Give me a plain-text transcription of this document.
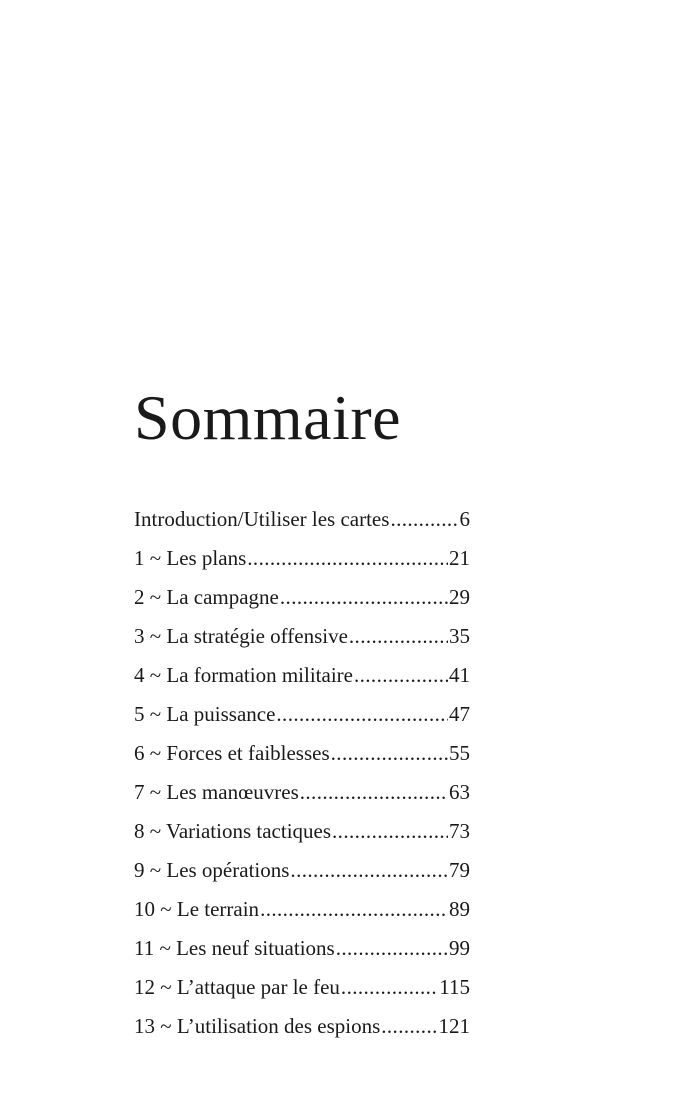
Sommaire
Introduction/Utiliser les cartes .....	6
1 ~ Les plans .....	21
2 ~ La campagne .....	29
3 ~ La stratégie offensive .....	35
4 ~ La formation militaire .....	41
5 ~ La puissance .....	47
6 ~ Forces et faiblesses .....	55
7 ~ Les manœuvres .....	63
8 ~ Variations tactiques .....	73
9 ~ Les opérations .....	79
10 ~ Le terrain .....	89
11 ~ Les neuf situations .....	99
12 ~ L’attaque par le feu .....	115
13 ~ L’utilisation des espions .....	121
